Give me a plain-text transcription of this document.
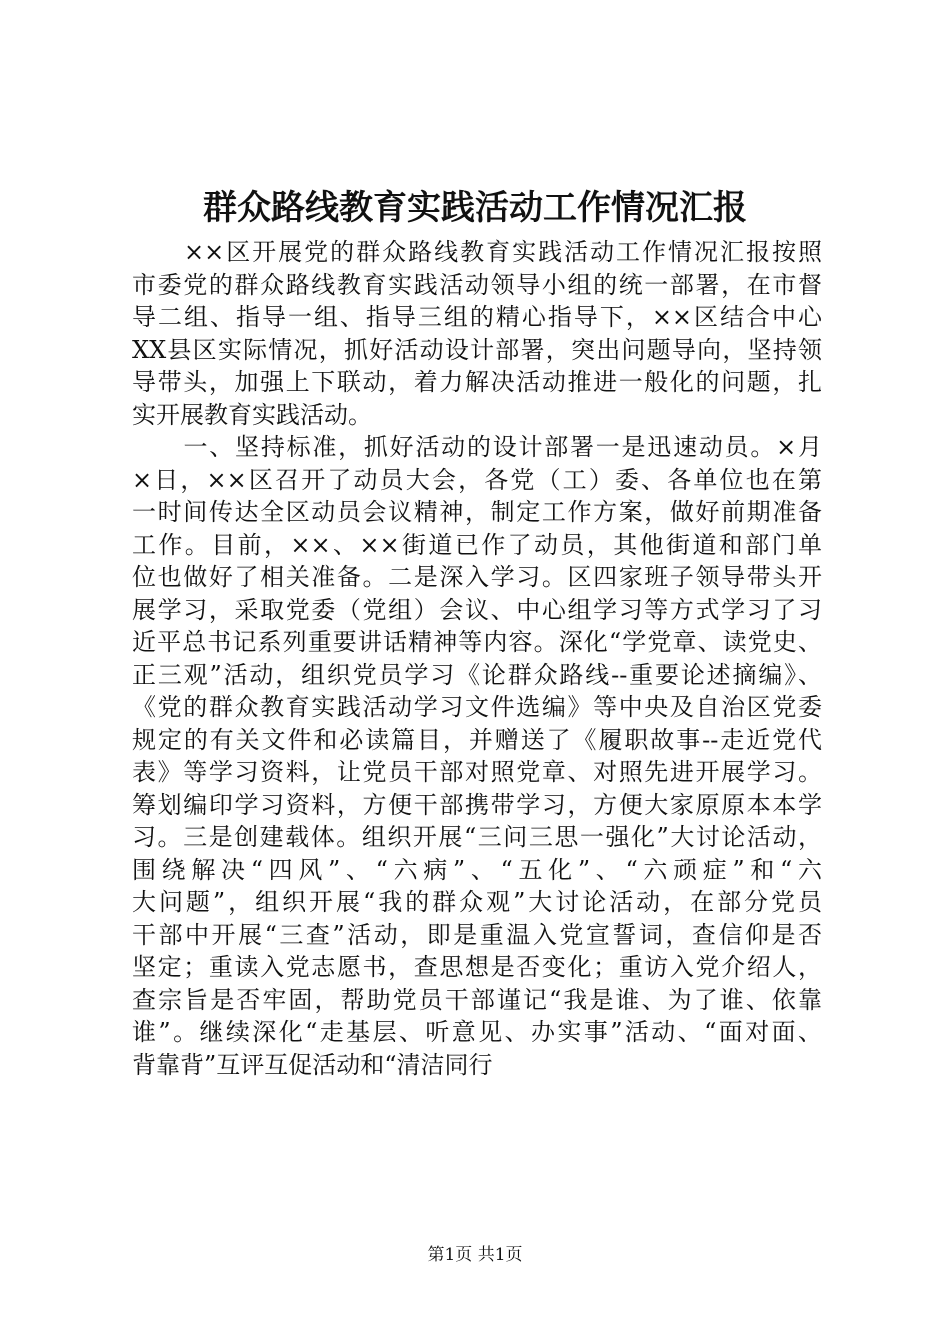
群众路线教育实践活动工作情况汇报
　　××区开展党的群众路线教育实践活动工作情况汇报按照
市委党的群众路线教育实践活动领导小组的统一部署，在市督
导二组、指导一组、指导三组的精心指导下，××区结合中心
XX县区实际情况，抓好活动设计部署，突出问题导向，坚持领
导带头，加强上下联动，着力解决活动推进一般化的问题，扎
实开展教育实践活动。
　　一、坚持标准，抓好活动的设计部署一是迅速动员。×月
×日，××区召开了动员大会，各党（工）委、各单位也在第
一时间传达全区动员会议精神，制定工作方案，做好前期准备
工作。目前，××、××街道已作了动员，其他街道和部门单
位也做好了相关准备。二是深入学习。区四家班子领导带头开
展学习，采取党委（党组）会议、中心组学习等方式学习了习
近平总书记系列重要讲话精神等内容。深化“学党章、读党史、
正三观”活动，组织党员学习《论群众路线--重要论述摘编》、
《党的群众教育实践活动学习文件选编》等中央及自治区党委
规定的有关文件和必读篇目，并赠送了《履职故事--走近党代
表》等学习资料，让党员干部对照党章、对照先进开展学习。
筹划编印学习资料，方便干部携带学习，方便大家原原本本学
习。三是创建载体。组织开展“三问三思一强化”大讨论活动，
围绕解决“四风”、“六病”、“五化”、“六顽症”和“六
大问题”，组织开展“我的群众观”大讨论活动，在部分党员
干部中开展“三查”活动，即是重温入党宣誓词，查信仰是否
坚定；重读入党志愿书，查思想是否变化；重访入党介绍人，
查宗旨是否牢固，帮助党员干部谨记“我是谁、为了谁、依靠
谁”。继续深化“走基层、听意见、办实事”活动、“面对面、
背靠背”互评互促活动和“清洁同行
第1页 共1页
